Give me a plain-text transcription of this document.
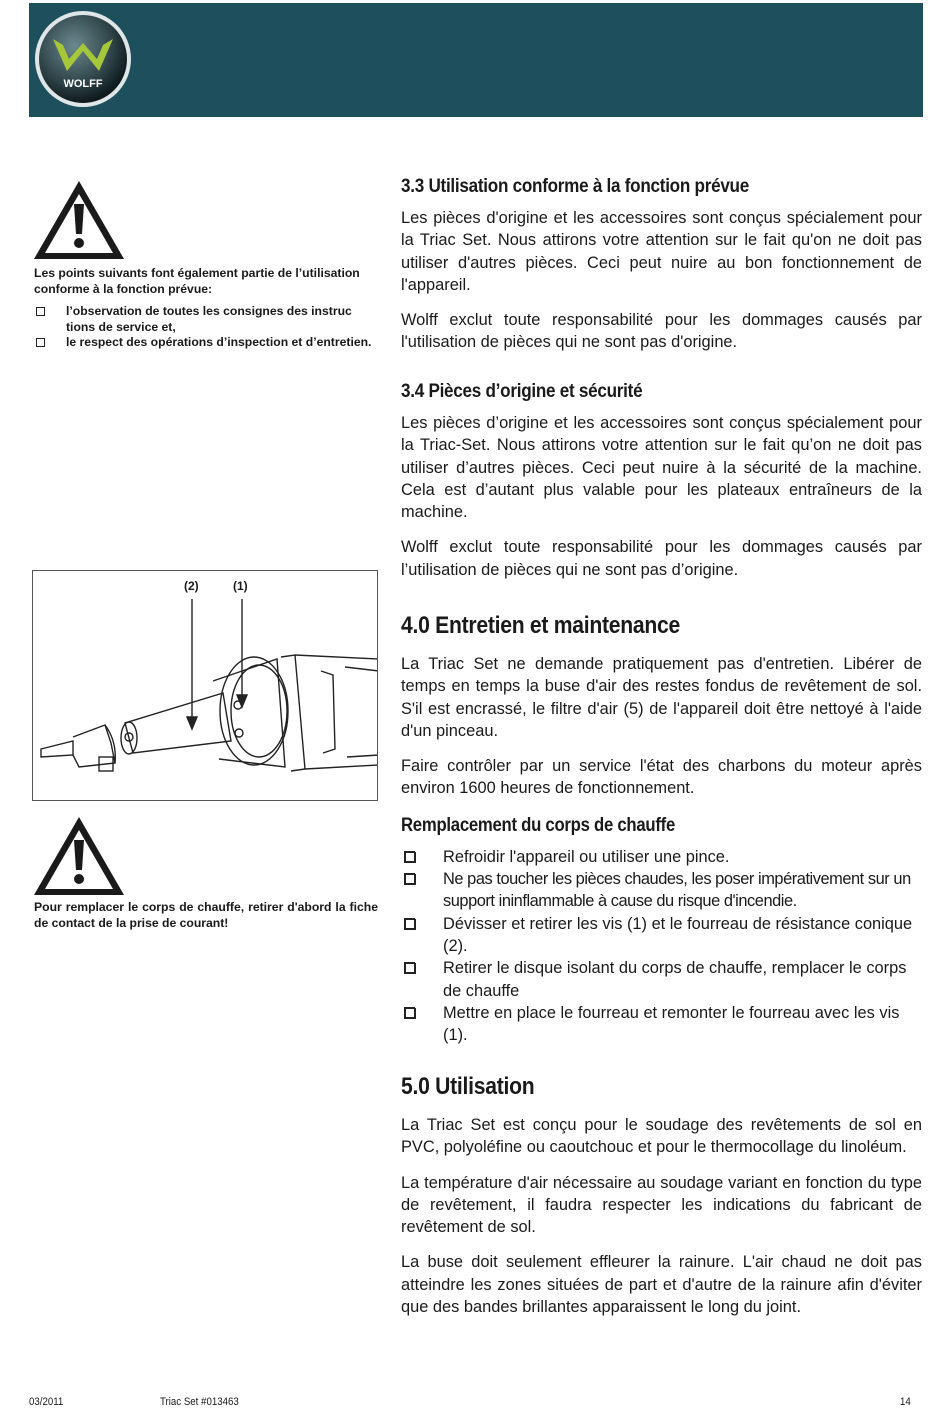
WOLFF
Les points suivants font également partie de l’utilisation conforme à la fonction prévue:
l’observation de toutes les consignes des instruc tions de service et,
le respect des opérations d’inspection et d’entretien.
(2)	(1)
Pour remplacer le corps de chauffe, retirer d'abord la fiche de contact de la prise de courant!
3.3 Utilisation conforme à la fonction prévue

Les pièces d'origine et les accessoires sont conçus spécialement pour la Triac Set. Nous attirons votre attention sur le fait qu'on ne doit pas utiliser d'autres pièces. Ceci peut nuire au bon fonctionnement de l'appareil.

Wolff exclut toute responsabilité pour les dommages causés par l'utilisation de pièces qui ne sont pas d'origine.

3.4 Pièces d’origine et sécurité

Les pièces d’origine et les accessoires sont conçus spécialement pour la Triac-Set. Nous attirons votre attention sur le fait qu’on ne doit pas utiliser d’autres pièces. Ceci peut nuire à la sécurité de la machine. Cela est d’autant plus valable pour les plateaux entraîneurs de la machine.

Wolff exclut toute responsabilité pour les dommages causés par l’utilisation de pièces qui ne sont pas d’origine.

4.0 Entretien et maintenance

La Triac Set ne demande pratiquement pas d'entretien. Libérer de temps en temps la buse d'air des restes fondus de revêtement de sol. S'il est encrassé, le filtre d'air (5) de l'appareil doit être nettoyé à l'aide d'un pinceau.

Faire contrôler par un service l'état des charbons du moteur après environ 1600 heures de fonctionnement.

Remplacement du corps de chauffe
Refroidir l'appareil ou utiliser une pince.
Ne pas toucher les pièces chaudes, les poser impérativement sur un support ininflammable à cause du risque d'incendie.
Dévisser et retirer les vis (1) et le fourreau de résistance conique (2).
Retirer le disque isolant du corps de chauffe, remplacer le corps de chauffe
Mettre en place le fourreau et remonter le fourreau avec les vis (1).
5.0 Utilisation

La Triac Set est conçu pour le soudage des revêtements de sol en PVC, polyoléfine ou caoutchouc et pour le thermocollage du linoléum.

La température d'air nécessaire au soudage variant en fonction du type de revêtement, il faudra respecter les indications du fabricant de revêtement de sol.

La buse doit seulement effleurer la rainure. L'air chaud ne doit pas atteindre les zones situées de part et d'autre de la rainure afin d'éviter que des bandes brillantes apparaissent le long du joint.

03/2011	Triac Set #013463	14
